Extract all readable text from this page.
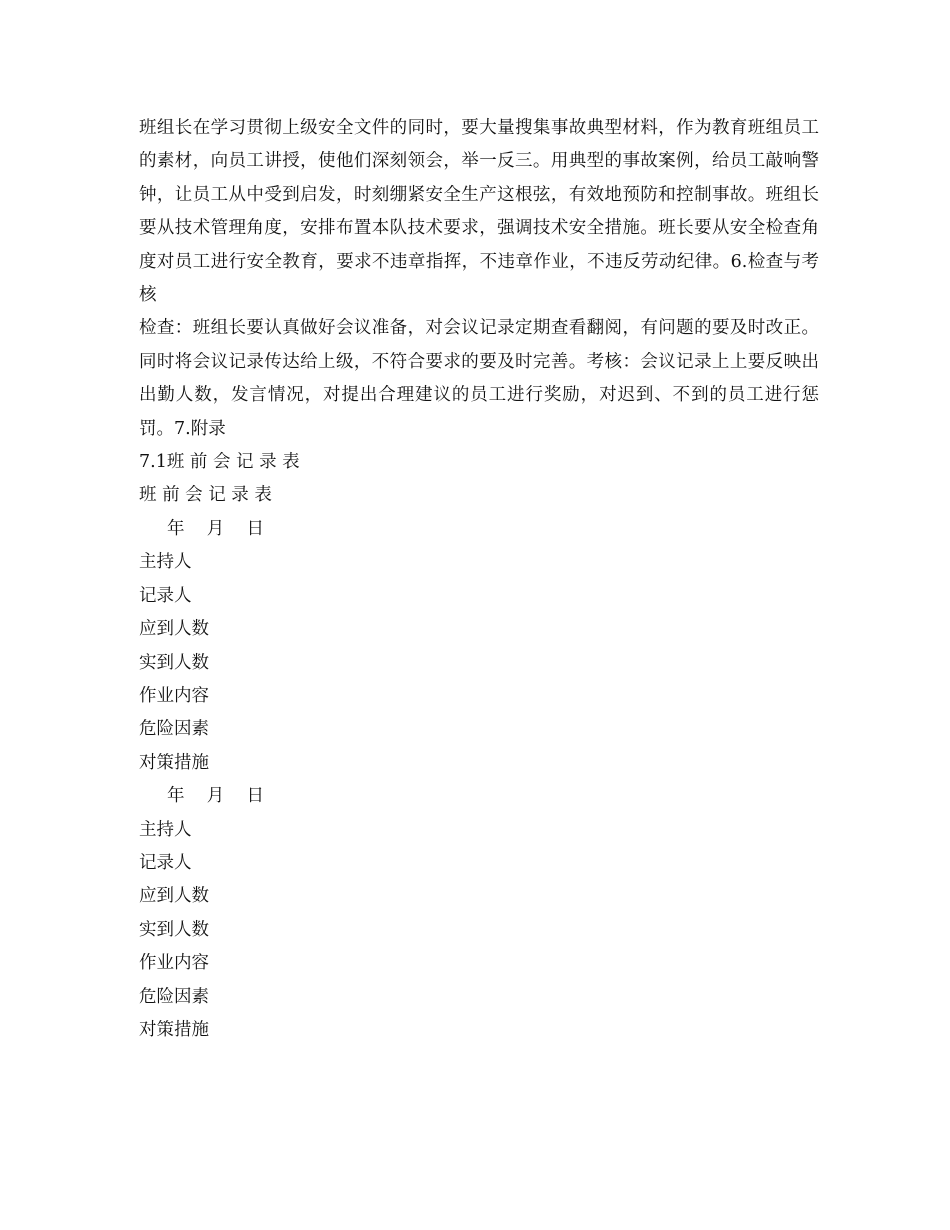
班组长在学习贯彻上级安全文件的同时，要大量搜集事故典型材料，作为教育班组员工的素材，向员工讲授，使他们深刻领会，举一反三。用典型的事故案例，给员工敲响警钟，让员工从中受到启发，时刻绷紧安全生产这根弦，有效地预防和控制事故。班组长要从技术管理角度，安排布置本队技术要求，强调技术安全措施。班长要从安全检查角度对员工进行安全教育，要求不违章指挥，不违章作业，不违反劳动纪律。6.检查与考核

检查：班组长要认真做好会议准备，对会议记录定期查看翻阅，有问题的要及时改正。同时将会议记录传达给上级，不符合要求的要及时完善。考核：会议记录上上要反映出出勤人数，发言情况，对提出合理建议的员工进行奖励，对迟到、不到的员工进行惩罚。7.附录

7.1班 前 会 记 录 表

班 前 会 记 录 表

年    月    日

主持人

记录人

应到人数

实到人数

作业内容

危险因素

对策措施

年    月    日

主持人

记录人

应到人数

实到人数

作业内容

危险因素

对策措施
